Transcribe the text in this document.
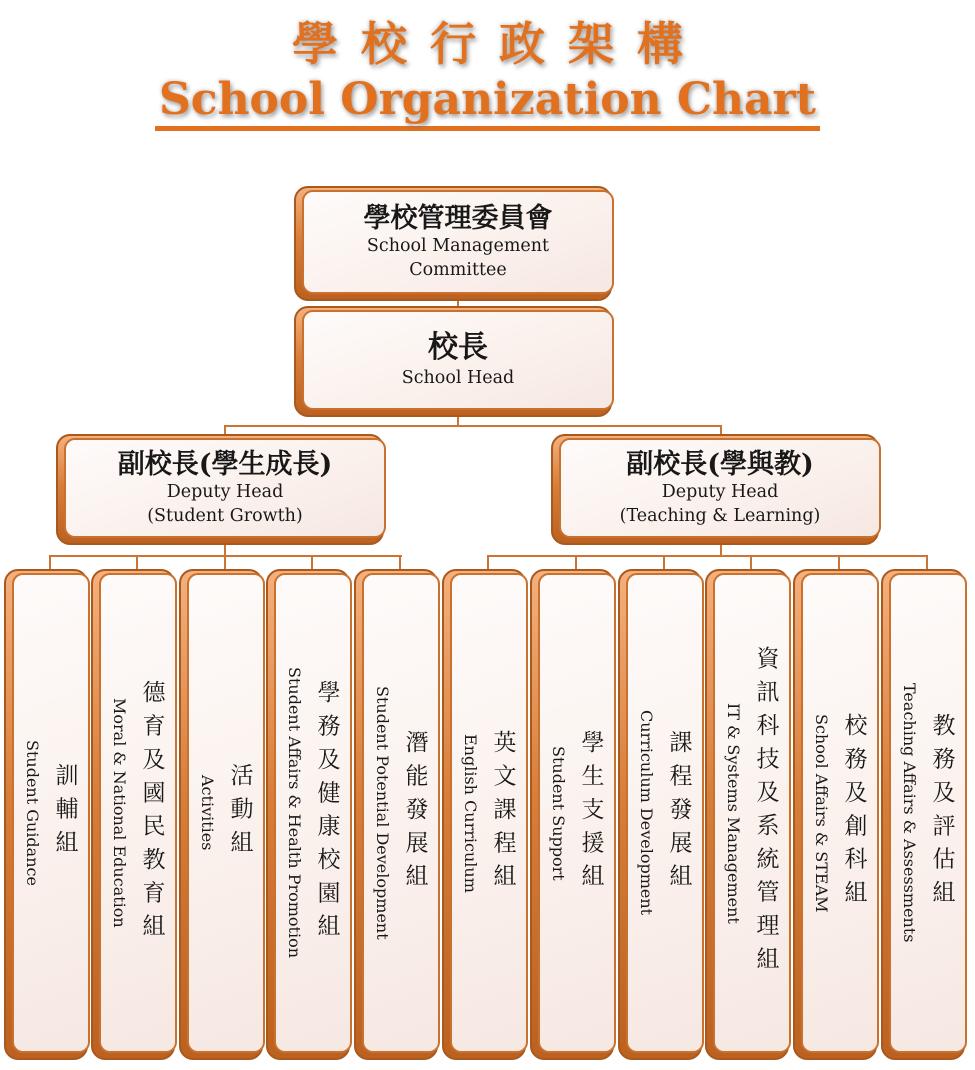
學校行政架構
School Organization Chart
學校管理委員會
School Management
Committee
校長
School Head
副校長(學生成長)
Deputy Head
(Student Growth)
副校長(學與教)
Deputy Head
(Teaching & Learning)
訓輔組
Student Guidance	德育及國民教育組
Moral & National Education	活動組
Activities	學務及健康校園組
Student Affairs & Health Promotion	潛能發展組
Student Potential Development	英文課程組
English Curriculum	學生支援組
Student Support	課程發展組
Curriculum Development	資訊科技及系統管理組
IT & Systems Management	校務及創科組
School Affairs & STEAM	教務及評估組
Teaching Affairs & Assessments
